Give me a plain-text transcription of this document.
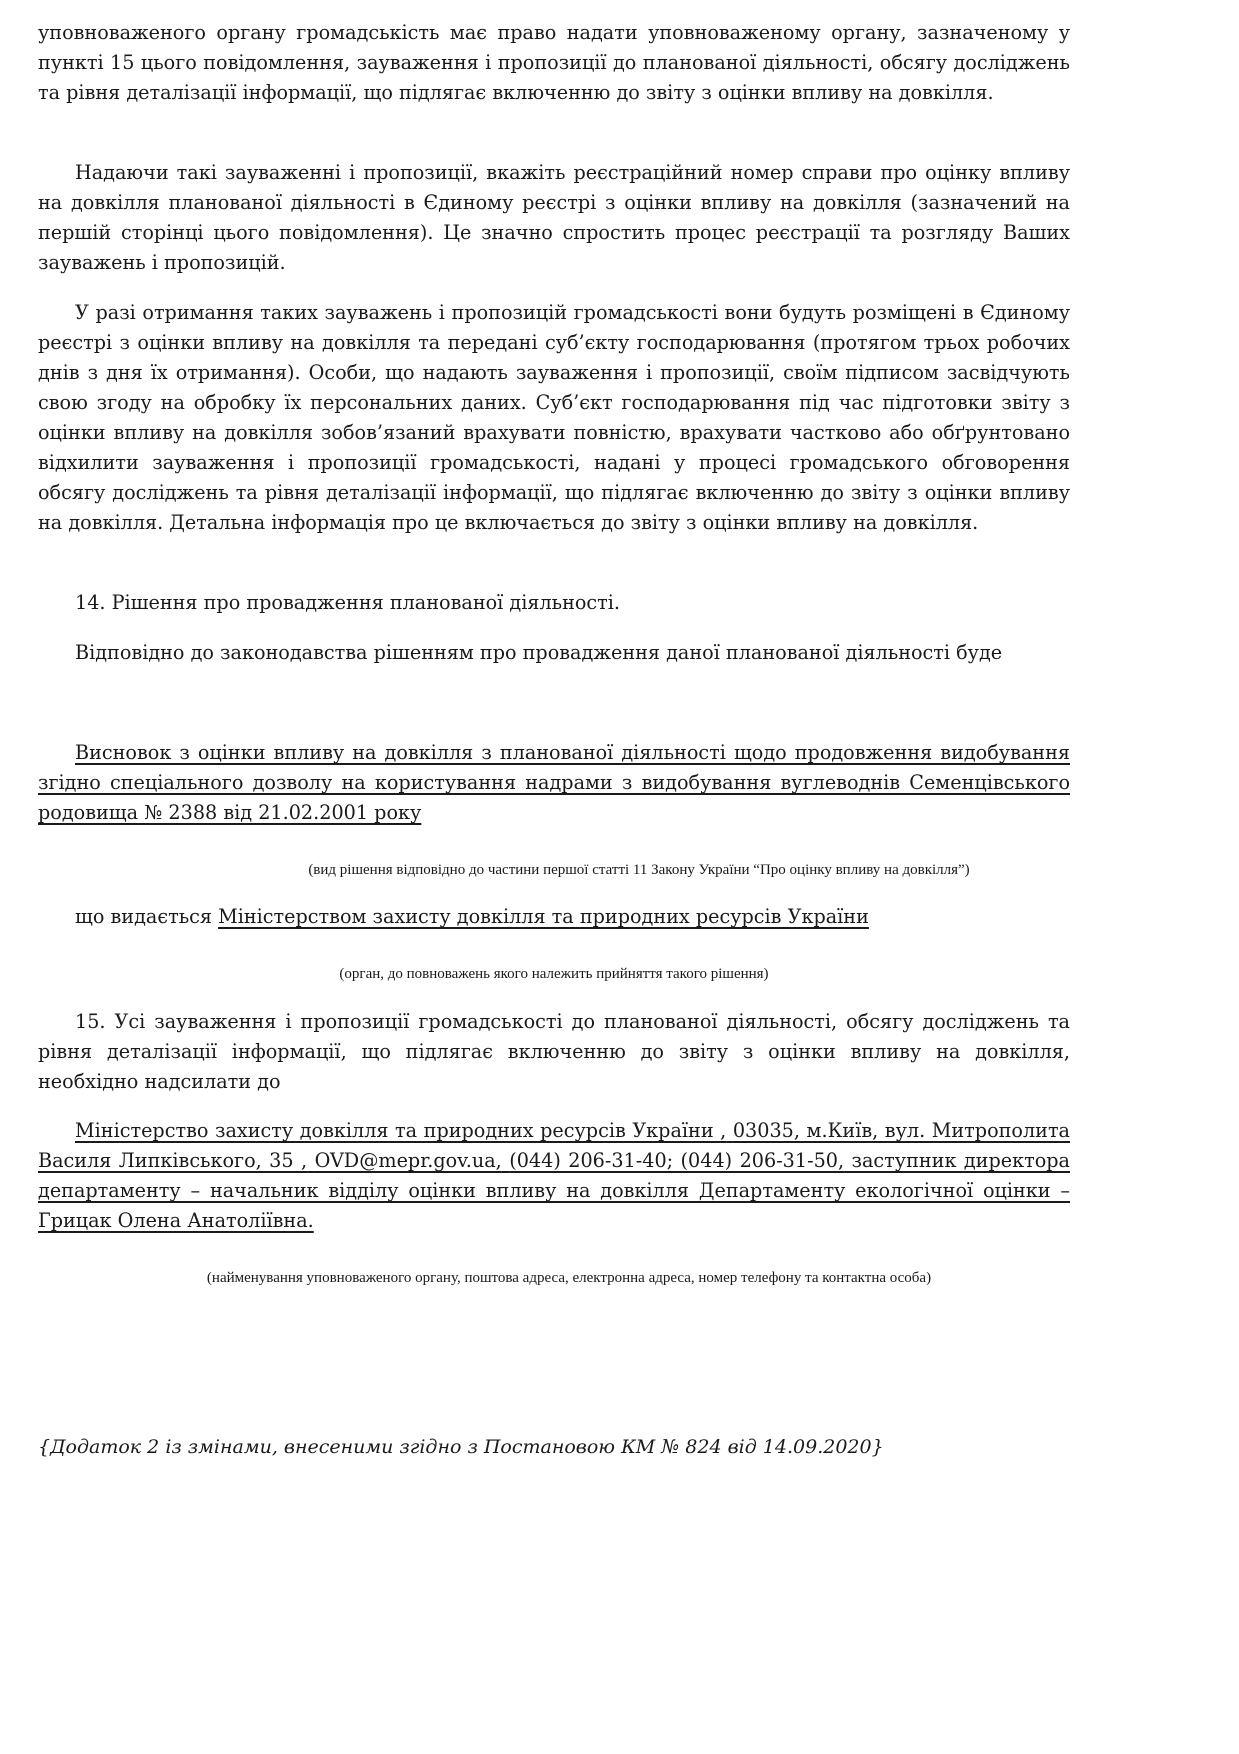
уповноваженого органу громадськість має право надати уповноваженому органу, зазначеному у пункті 15 цього повідомлення, зауваження і пропозиції до планованої діяльності, обсягу досліджень та рівня деталізації інформації, що підлягає включенню до звіту з оцінки впливу на довкілля.

Надаючи такі зауваженні і пропозиції, вкажіть реєстраційний номер справи про оцінку впливу на довкілля планованої діяльності в Єдиному реєстрі з оцінки впливу на довкілля (зазначений на першій сторінці цього повідомлення). Це значно спростить процес реєстрації та розгляду Ваших зауважень і пропозицій.

У разі отримання таких зауважень і пропозицій громадськості вони будуть розміщені в Єдиному реєстрі з оцінки впливу на довкілля та передані суб’єкту господарювання (протягом трьох робочих днів з дня їх отримання). Особи, що надають зауваження і пропозиції, своїм підписом засвідчують свою згоду на обробку їх персональних даних. Суб’єкт господарювання під час підготовки звіту з оцінки впливу на довкілля зобов’язаний врахувати повністю, врахувати частково або обґрунтовано відхилити зауваження і пропозиції громадськості, надані у процесі громадського обговорення обсягу досліджень та рівня деталізації інформації, що підлягає включенню до звіту з оцінки впливу на довкілля. Детальна інформація про це включається до звіту з оцінки впливу на довкілля.

14. Рішення про провадження планованої діяльності.

Відповідно до законодавства рішенням про провадження даної планованої діяльності буде

Висновок з оцінки впливу на довкілля з планованої діяльності щодо продовження видобування згідно спеціального дозволу на користування надрами з видобування вуглеводнів Семенцівського родовища № 2388 від 21.02.2001 року

(вид рішення відповідно до частини першої статті 11 Закону України “Про оцінку впливу на довкілля”)

що видається Міністерством захисту довкілля та природних ресурсів України

(орган, до повноважень якого належить прийняття такого рішення)

15. Усі зауваження і пропозиції громадськості до планованої діяльності, обсягу досліджень та рівня деталізації інформації, що підлягає включенню до звіту з оцінки впливу на довкілля, необхідно надсилати до

Міністерство захисту довкілля та природних ресурсів України , 03035, м.Київ, вул. Митрополита Василя Липківського, 35 , OVD@mepr.gov.ua, (044) 206-31-40; (044) 206-31-50, заступник директора департаменту – начальник відділу оцінки впливу на довкілля Департаменту екологічної оцінки – Грицак Олена Анатоліївна.

(найменування уповноваженого органу, поштова адреса, електронна адреса, номер телефону та контактна особа)
{Додаток 2 із змінами, внесеними згідно з Постановою КМ № 824 від 14.09.2020}
